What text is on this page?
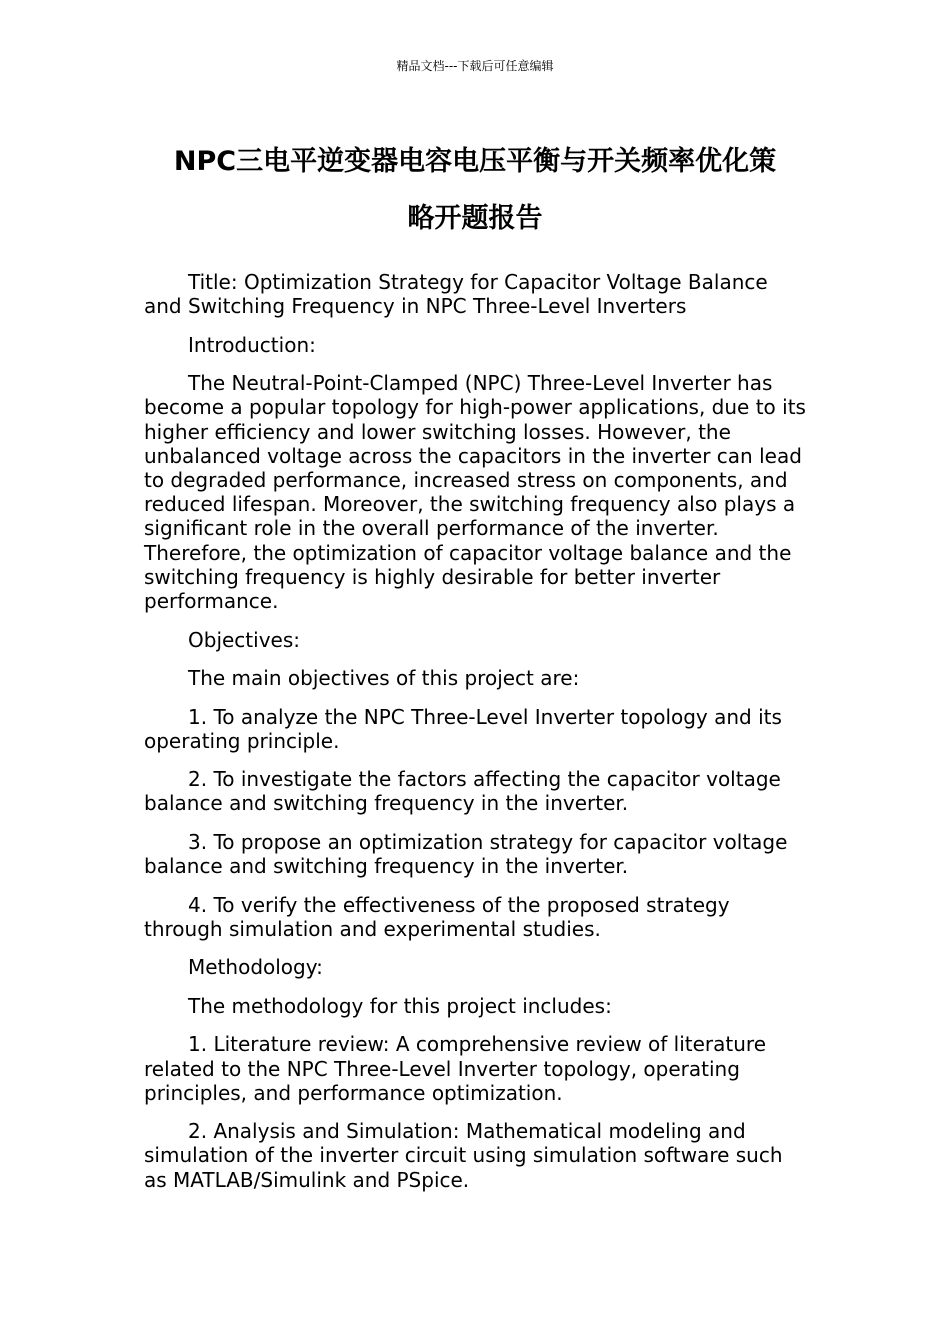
精品文档---下载后可任意编辑
NPC三电平逆变器电容电压平衡与开关频率优化策
略开题报告

Title: Optimization Strategy for Capacitor Voltage Balance and Switching Frequency in NPC Three-Level Inverters

Introduction:

The Neutral-Point-Clamped (NPC) Three-Level Inverter has become a popular topology for high-power applications, due to its higher efficiency and lower switching losses. However, the unbalanced voltage across the capacitors in the inverter can lead to degraded performance, increased stress on components, and reduced lifespan. Moreover, the switching frequency also plays a significant role in the overall performance of the inverter. Therefore, the optimization of capacitor voltage balance and the switching frequency is highly desirable for better inverter performance.

Objectives:

The main objectives of this project are:

1. To analyze the NPC Three-Level Inverter topology and its operating principle.

2. To investigate the factors affecting the capacitor voltage balance and switching frequency in the inverter.

3. To propose an optimization strategy for capacitor voltage balance and switching frequency in the inverter.

4. To verify the effectiveness of the proposed strategy through simulation and experimental studies.

Methodology:

The methodology for this project includes:

1. Literature review: A comprehensive review of literature related to the NPC Three-Level Inverter topology, operating principles, and performance optimization.

2. Analysis and Simulation: Mathematical modeling and simulation of the inverter circuit using simulation software such as MATLAB/Simulink and PSpice.
